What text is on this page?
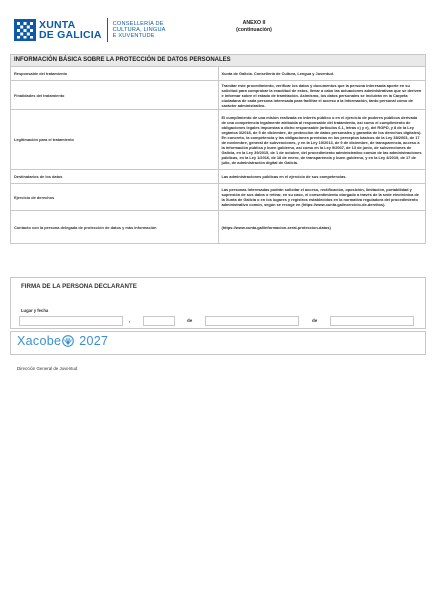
XUNTA
DE GALICIA
CONSELLERÍA DE
CULTURA, LINGUA
E XUVENTUDE
ANEXO II
(continuación)
INFORMACIÓN BÁSICA SOBRE LA PROTECCIÓN DE DATOS PERSONALES	
Responsable del tratamiento	Xunta de Galicia. Consellería de Cultura, Lengua y Juventud.
Finalidades del tratamiento	Tramitar este procedimiento, verificar los datos y documentos que la persona interesada aporte en su solicitud para comprobar la exactitud de estos, llevar a cabo las actuaciones administrativas que se deriven e informar sobre el estado de tramitación. Asimismo, los datos personales se incluirán en la Carpeta ciudadana de cada persona interesada para facilitar el acceso a la información, tanto personal como de carácter administrativo.
Legitimación para el tratamiento	El cumplimiento de una misión realizada en interés público o en el ejercicio de poderes públicos derivada de una competencia legalmente atribuida al responsable del tratamiento, así como el cumplimiento de obligaciones legales impuestas a dicho responsable (artículos 6.1, letras c) y e), del RGPD, y 8 de la Ley orgánica 3/2018, de 5 de diciembre, de protección de datos personales y garantía de los derechos digitales). En concreto, la competencia y las obligaciones previstas en los preceptos básicos de la Ley 38/2003, de 17 de noviembre, general de subvenciones, y en la Ley 19/2013, de 9 de diciembre, de transparencia, acceso a la información pública y buen gobierno, así como en la Ley 9/2007, de 13 de junio, de subvenciones de Galicia, en la Ley 39/2015, de 1 de octubre, del procedimiento administrativo común de las administraciones públicas, en la Ley 1/2016, de 18 de enero, de transparencia y buen gobierno, y en la Ley 4/2019, de 17 de julio, de administración digital de Galicia.
Destinatarios de los datos	Las administraciones públicas en el ejercicio de sus competencias.
Ejercicio de derechos	Las personas interesadas podrán solicitar el acceso, rectificación, oposición, limitación, portabilidad y supresión de sus datos o retirar, en su caso, el consentimiento otorgado a través de la sede electrónica de la Xunta de Galicia o en los lugares y registros establecidos en la normativa reguladora del procedimiento administrativo común, según se recoge en (https://www.xunta.gal/exercicio-de-dereitos).
Contacto con la persona delegada de protección de datos y más información	(https://www.xunta.gal/informacion-xeral-proteccion-datos)
FIRMA DE LA PERSONA DECLARANTE
Lugar y fecha
,	de	de
Xacobe 2027
Dirección General de Juventud
